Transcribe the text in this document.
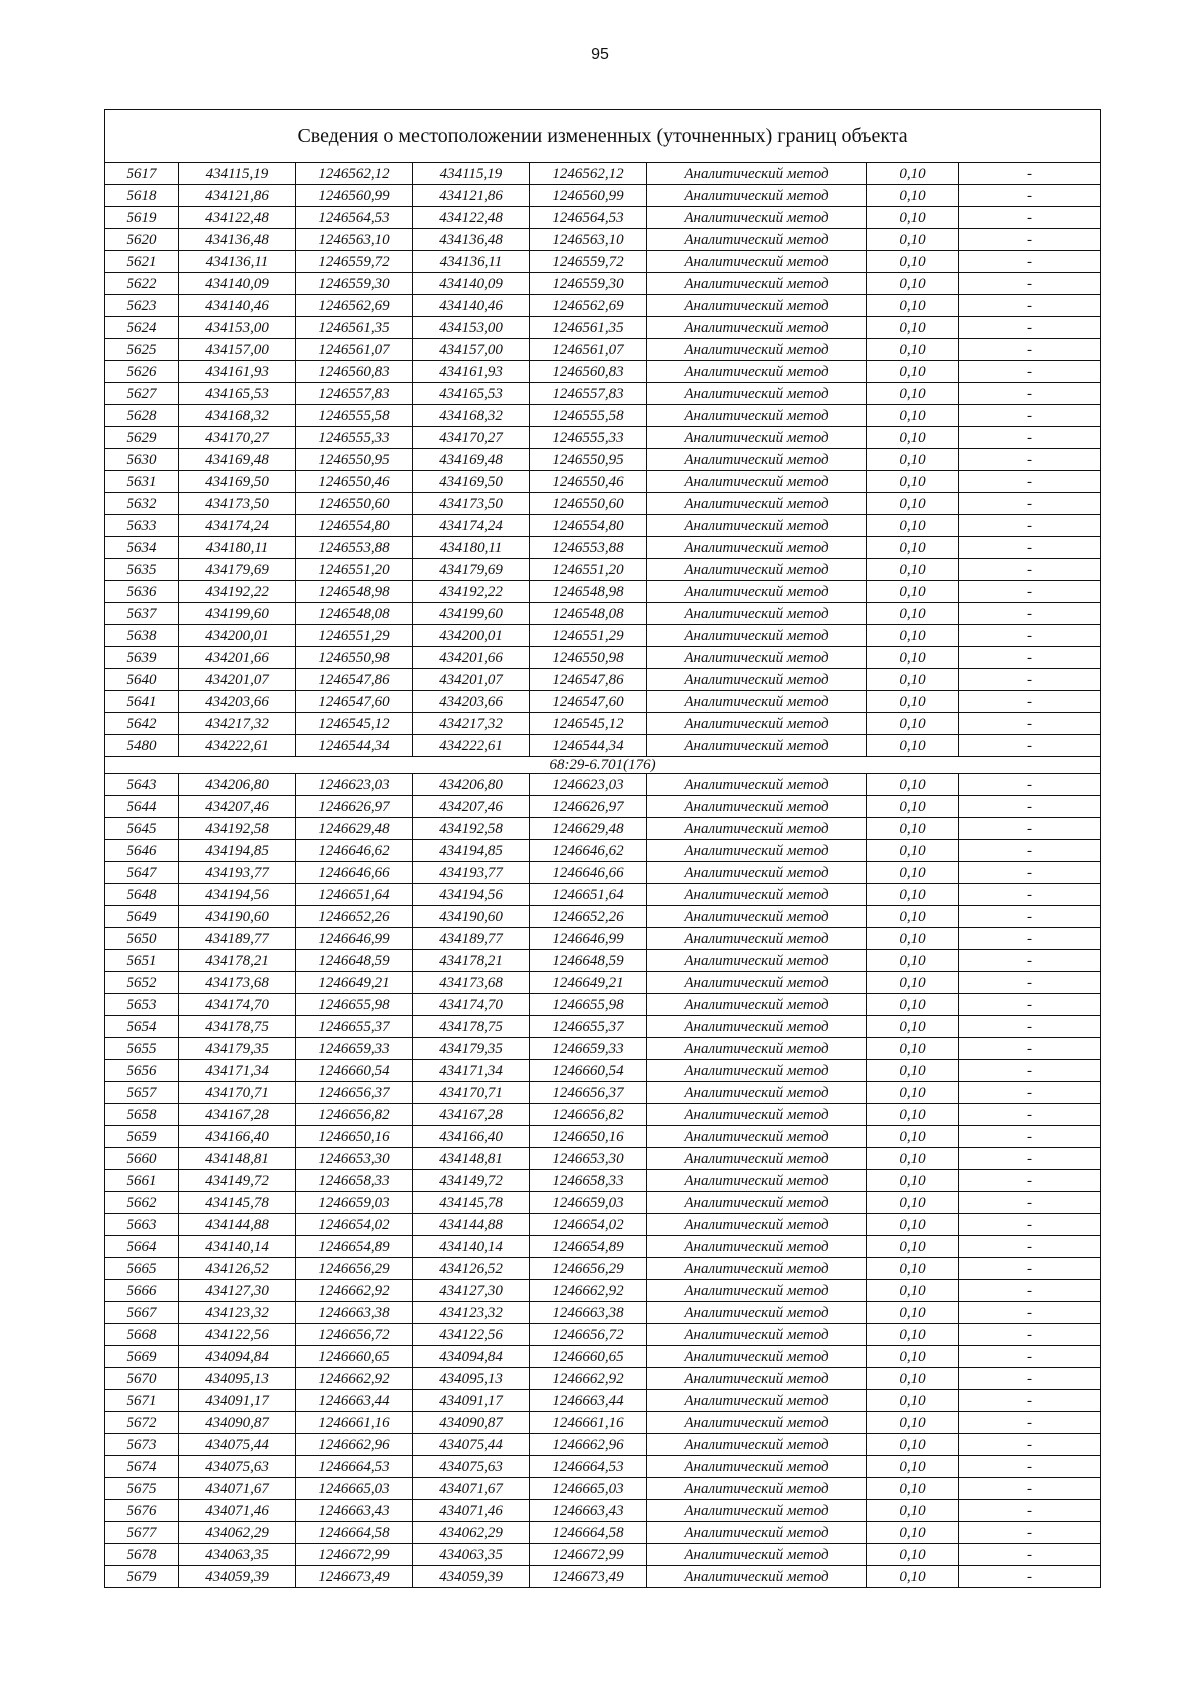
95
Сведения о местоположении измененных (уточненных) границ объекта							
5617	434115,19	1246562,12	434115,19	1246562,12	Аналитический метод	0,10	-
5618	434121,86	1246560,99	434121,86	1246560,99	Аналитический метод	0,10	-
5619	434122,48	1246564,53	434122,48	1246564,53	Аналитический метод	0,10	-
5620	434136,48	1246563,10	434136,48	1246563,10	Аналитический метод	0,10	-
5621	434136,11	1246559,72	434136,11	1246559,72	Аналитический метод	0,10	-
5622	434140,09	1246559,30	434140,09	1246559,30	Аналитический метод	0,10	-
5623	434140,46	1246562,69	434140,46	1246562,69	Аналитический метод	0,10	-
5624	434153,00	1246561,35	434153,00	1246561,35	Аналитический метод	0,10	-
5625	434157,00	1246561,07	434157,00	1246561,07	Аналитический метод	0,10	-
5626	434161,93	1246560,83	434161,93	1246560,83	Аналитический метод	0,10	-
5627	434165,53	1246557,83	434165,53	1246557,83	Аналитический метод	0,10	-
5628	434168,32	1246555,58	434168,32	1246555,58	Аналитический метод	0,10	-
5629	434170,27	1246555,33	434170,27	1246555,33	Аналитический метод	0,10	-
5630	434169,48	1246550,95	434169,48	1246550,95	Аналитический метод	0,10	-
5631	434169,50	1246550,46	434169,50	1246550,46	Аналитический метод	0,10	-
5632	434173,50	1246550,60	434173,50	1246550,60	Аналитический метод	0,10	-
5633	434174,24	1246554,80	434174,24	1246554,80	Аналитический метод	0,10	-
5634	434180,11	1246553,88	434180,11	1246553,88	Аналитический метод	0,10	-
5635	434179,69	1246551,20	434179,69	1246551,20	Аналитический метод	0,10	-
5636	434192,22	1246548,98	434192,22	1246548,98	Аналитический метод	0,10	-
5637	434199,60	1246548,08	434199,60	1246548,08	Аналитический метод	0,10	-
5638	434200,01	1246551,29	434200,01	1246551,29	Аналитический метод	0,10	-
5639	434201,66	1246550,98	434201,66	1246550,98	Аналитический метод	0,10	-
5640	434201,07	1246547,86	434201,07	1246547,86	Аналитический метод	0,10	-
5641	434203,66	1246547,60	434203,66	1246547,60	Аналитический метод	0,10	-
5642	434217,32	1246545,12	434217,32	1246545,12	Аналитический метод	0,10	-
5480	434222,61	1246544,34	434222,61	1246544,34	Аналитический метод	0,10	-
68:29-6.701(176)							
5643	434206,80	1246623,03	434206,80	1246623,03	Аналитический метод	0,10	-
5644	434207,46	1246626,97	434207,46	1246626,97	Аналитический метод	0,10	-
5645	434192,58	1246629,48	434192,58	1246629,48	Аналитический метод	0,10	-
5646	434194,85	1246646,62	434194,85	1246646,62	Аналитический метод	0,10	-
5647	434193,77	1246646,66	434193,77	1246646,66	Аналитический метод	0,10	-
5648	434194,56	1246651,64	434194,56	1246651,64	Аналитический метод	0,10	-
5649	434190,60	1246652,26	434190,60	1246652,26	Аналитический метод	0,10	-
5650	434189,77	1246646,99	434189,77	1246646,99	Аналитический метод	0,10	-
5651	434178,21	1246648,59	434178,21	1246648,59	Аналитический метод	0,10	-
5652	434173,68	1246649,21	434173,68	1246649,21	Аналитический метод	0,10	-
5653	434174,70	1246655,98	434174,70	1246655,98	Аналитический метод	0,10	-
5654	434178,75	1246655,37	434178,75	1246655,37	Аналитический метод	0,10	-
5655	434179,35	1246659,33	434179,35	1246659,33	Аналитический метод	0,10	-
5656	434171,34	1246660,54	434171,34	1246660,54	Аналитический метод	0,10	-
5657	434170,71	1246656,37	434170,71	1246656,37	Аналитический метод	0,10	-
5658	434167,28	1246656,82	434167,28	1246656,82	Аналитический метод	0,10	-
5659	434166,40	1246650,16	434166,40	1246650,16	Аналитический метод	0,10	-
5660	434148,81	1246653,30	434148,81	1246653,30	Аналитический метод	0,10	-
5661	434149,72	1246658,33	434149,72	1246658,33	Аналитический метод	0,10	-
5662	434145,78	1246659,03	434145,78	1246659,03	Аналитический метод	0,10	-
5663	434144,88	1246654,02	434144,88	1246654,02	Аналитический метод	0,10	-
5664	434140,14	1246654,89	434140,14	1246654,89	Аналитический метод	0,10	-
5665	434126,52	1246656,29	434126,52	1246656,29	Аналитический метод	0,10	-
5666	434127,30	1246662,92	434127,30	1246662,92	Аналитический метод	0,10	-
5667	434123,32	1246663,38	434123,32	1246663,38	Аналитический метод	0,10	-
5668	434122,56	1246656,72	434122,56	1246656,72	Аналитический метод	0,10	-
5669	434094,84	1246660,65	434094,84	1246660,65	Аналитический метод	0,10	-
5670	434095,13	1246662,92	434095,13	1246662,92	Аналитический метод	0,10	-
5671	434091,17	1246663,44	434091,17	1246663,44	Аналитический метод	0,10	-
5672	434090,87	1246661,16	434090,87	1246661,16	Аналитический метод	0,10	-
5673	434075,44	1246662,96	434075,44	1246662,96	Аналитический метод	0,10	-
5674	434075,63	1246664,53	434075,63	1246664,53	Аналитический метод	0,10	-
5675	434071,67	1246665,03	434071,67	1246665,03	Аналитический метод	0,10	-
5676	434071,46	1246663,43	434071,46	1246663,43	Аналитический метод	0,10	-
5677	434062,29	1246664,58	434062,29	1246664,58	Аналитический метод	0,10	-
5678	434063,35	1246672,99	434063,35	1246672,99	Аналитический метод	0,10	-
5679	434059,39	1246673,49	434059,39	1246673,49	Аналитический метод	0,10	-
